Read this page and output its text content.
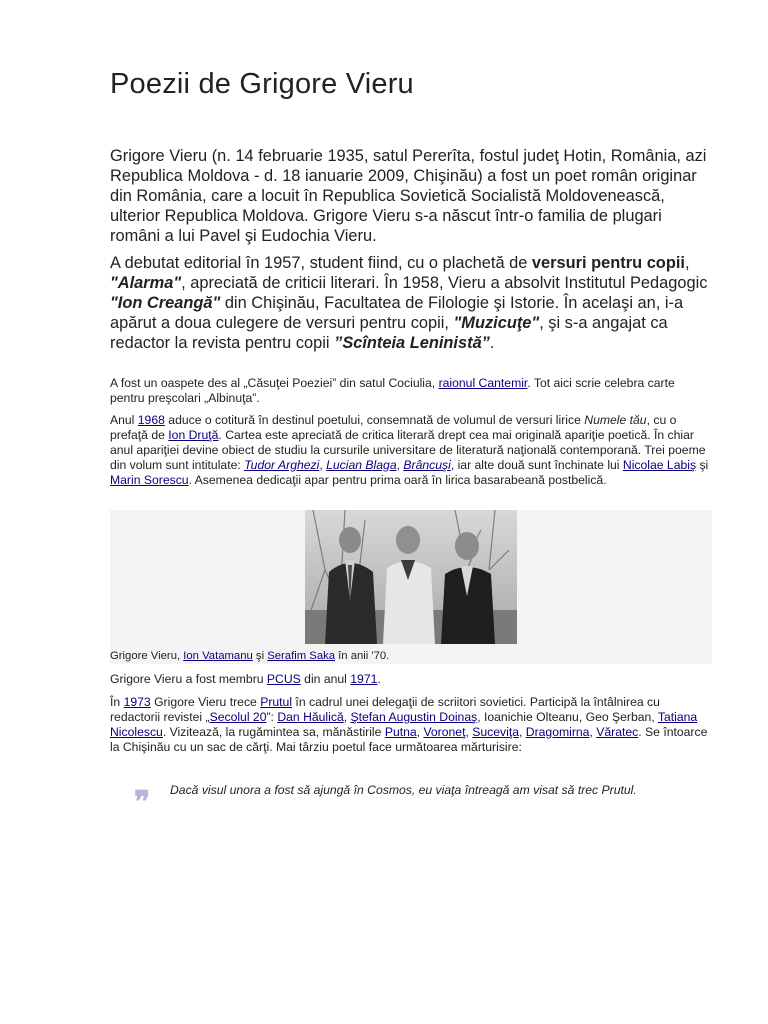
Poezii de Grigore Vieru

Grigore Vieru (n. 14 februarie 1935, satul Pererîta, fostul judeţ Hotin, România, azi Republica Moldova - d. 18 ianuarie 2009, Chişinău) a fost un poet român originar din România, care a locuit în Republica Sovietică Socialistă Moldovenească, ulterior Republica Moldova. Grigore Vieru s-a născut într-o familia de plugari români a lui Pavel şi Eudochia Vieru.

A debutat editorial în 1957, student fiind, cu o plachetă de versuri pentru copii, "Alarma", apreciată de criticii literari. În 1958, Vieru a absolvit Institutul Pedagogic "Ion Creangă" din Chişinău, Facultatea de Filologie şi Istorie. În acelaşi an, i-a apărut a doua culegere de versuri pentru copii, "Muzicuţe", şi s-a angajat ca redactor la revista pentru copii ”Scînteia Leninistă”.

A fost un oaspete des al „Căsuţei Poeziei” din satul Cociulia, raionul Cantemir. Tot aici scrie celebra carte pentru preşcolari „Albinuţa”.

Anul 1968 aduce o cotitură în destinul poetului, consemnată de volumul de versuri lirice Numele tău, cu o prefaţă de Ion Druţă. Cartea este apreciată de critica literară drept cea mai originală apariţie poetică. În chiar anul apariţiei devine obiect de studiu la cursurile universitare de literatură naţională contemporană. Trei poeme din volum sunt intitulate: Tudor Arghezi, Lucian Blaga, Brâncuşi, iar alte două sunt închinate lui Nicolae Labiş şi Marin Sorescu. Asemenea dedicaţii apar pentru prima oară în lirica basarabeană postbelică.

Grigore Vieru, Ion Vatamanu şi Serafim Saka în anii '70.

Grigore Vieru a fost membru PCUS din anul 1971.

În 1973 Grigore Vieru trece Prutul în cadrul unei delegaţii de scriitori sovietici. Participă la întâlnirea cu redactorii revistei „Secolul 20”: Dan Hăulică, Ştefan Augustin Doinaş, Ioanichie Olteanu, Geo Şerban, Tatiana Nicolescu. Vizitează, la rugămintea sa, mănăstirile Putna, Voroneţ, Suceviţa, Dragomirna, Văratec. Se întoarce la Chişinău cu un sac de cărţi. Mai târziu poetul face următoarea mărturisire:

❞ Dacă visul unora a fost să ajungă în Cosmos, eu viaţa întreagă am visat să trec Prutul.
